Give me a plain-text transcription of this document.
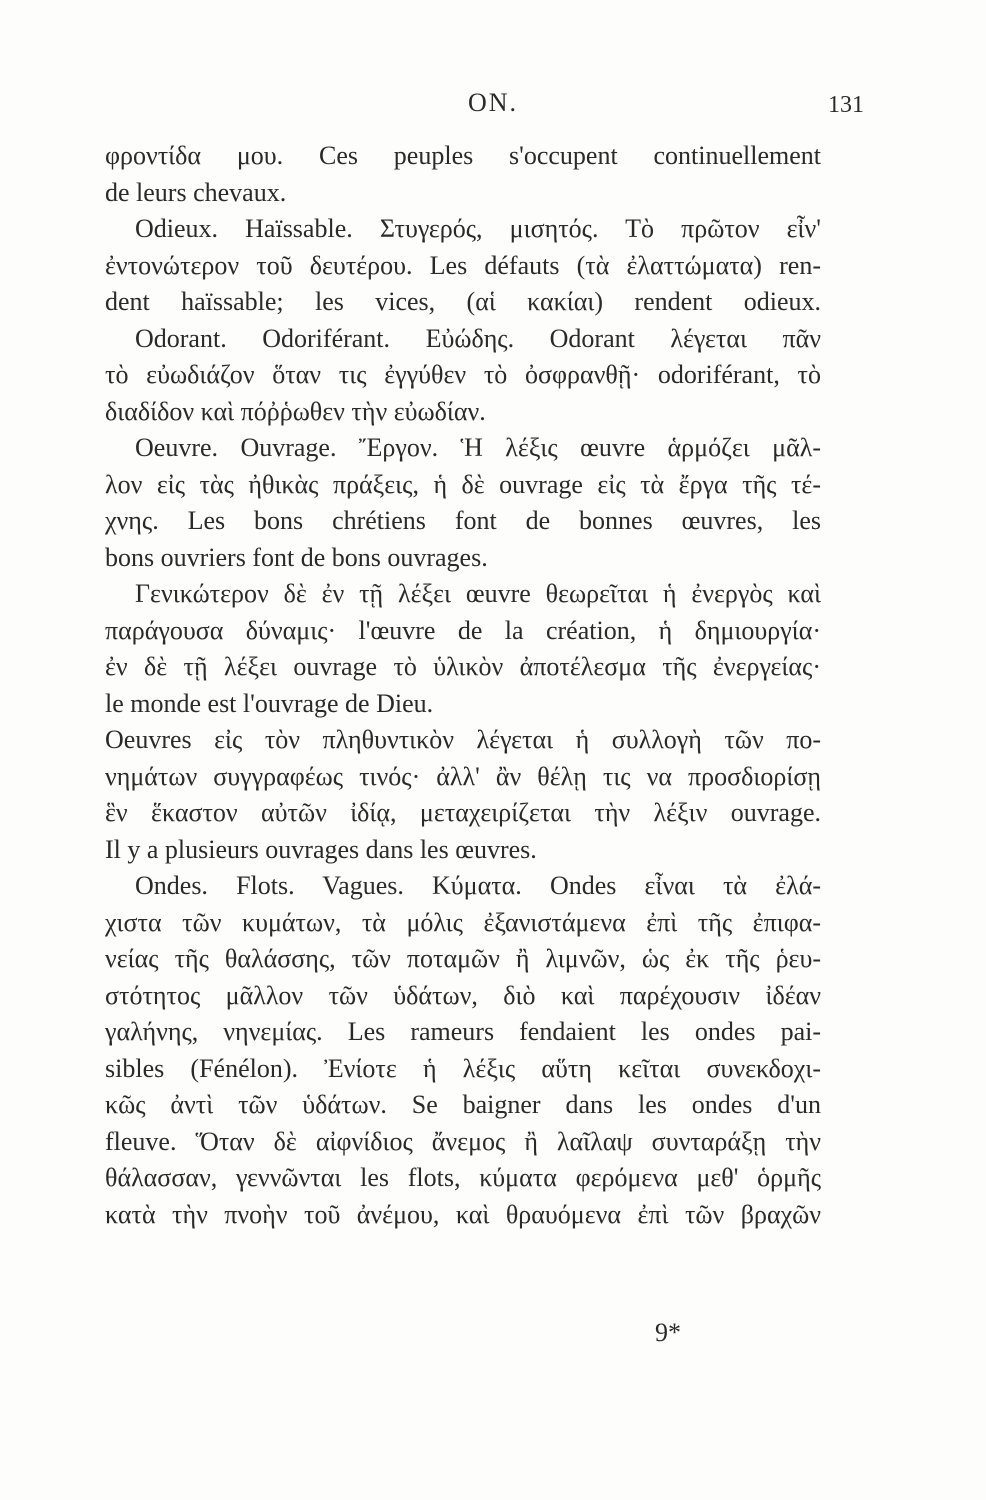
ON.	131
φροντίδα μου. Ces peuples s'occupent continuellement
de leurs chevaux.
Odieux. Haïssable. Στυγερός, μισητός. Τὸ πρῶτον εἶν'
ἐντονώτερον τοῦ δευτέρου. Les défauts (τὰ ἐλαττώματα) ren-
dent haïssable; les vices, (αἱ κακίαι) rendent odieux.
Odorant. Odoriférant. Εὐώδης. Odorant λέγεται πᾶν
τὸ εὐωδιάζον ὅταν τις ἐγγύθεν τὸ ὀσφρανθῇ· odoriférant, τὸ
διαδίδον καὶ πόῤῥωθεν τὴν εὐωδίαν.
Oeuvre. Ouvrage. Ἔργον. Ἡ λέξις œuvre ἁρμόζει μᾶλ-
λον εἰς τὰς ἠθικὰς πράξεις, ἡ δὲ ouvrage εἰς τὰ ἔργα τῆς τέ-
χνης. Les bons chrétiens font de bonnes œuvres, les
bons ouvriers font de bons ouvrages.
Γενικώτερον δὲ ἐν τῇ λέξει œuvre θεωρεῖται ἡ ἐνεργὸς καὶ
παράγουσα δύναμις· l'œuvre de la création, ἡ δημιουργία·
ἐν δὲ τῇ λέξει ouvrage τὸ ὑλικὸν ἀποτέλεσμα τῆς ἐνεργείας·
le monde est l'ouvrage de Dieu.
Oeuvres εἰς τὸν πληθυντικὸν λέγεται ἡ συλλογὴ τῶν πο-
νημάτων συγγραφέως τινός· ἀλλ' ἂν θέλῃ τις να προσδιορίσῃ
ἓν ἕκαστον αὐτῶν ἰδίᾳ, μεταχειρίζεται τὴν λέξιν ouvrage.
Il y a plusieurs ouvrages dans les œuvres.
Ondes. Flots. Vagues. Κύματα. Ondes εἶναι τὰ ἐλά-
χιστα τῶν κυμάτων, τὰ μόλις ἐξανιστάμενα ἐπὶ τῆς ἐπιφα-
νείας τῆς θαλάσσης, τῶν ποταμῶν ἢ λιμνῶν, ὡς ἐκ τῆς ῥευ-
στότητος μᾶλλον τῶν ὑδάτων, διὸ καὶ παρέχουσιν ἰδέαν
γαλήνης, νηνεμίας. Les rameurs fendaient les ondes pai-
sibles (Fénélon). Ἐνίοτε ἡ λέξις αὕτη κεῖται συνεκδοχι-
κῶς ἀντὶ τῶν ὑδάτων. Se baigner dans les ondes d'un
fleuve. Ὅταν δὲ αἰφνίδιος ἄνεμος ἢ λαῖλαψ συνταράξῃ τὴν
θάλασσαν, γεννῶνται les flots, κύματα φερόμενα μεθ' ὁρμῆς
κατὰ τὴν πνοὴν τοῦ ἀνέμου, καὶ θραυόμενα ἐπὶ τῶν βραχῶν
9*
